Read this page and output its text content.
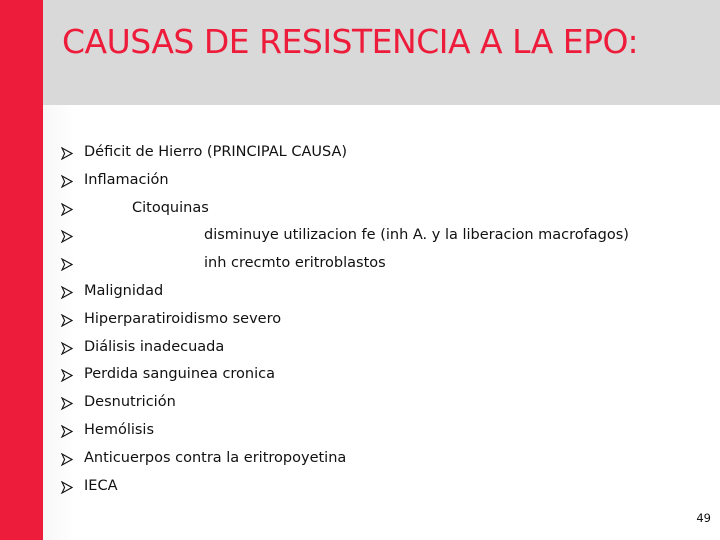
CAUSAS DE RESISTENCIA A LA EPO:
Déficit de Hierro (PRINCIPAL CAUSA)
Inflamación
Citoquinas
disminuye utilizacion fe (inh A. y la liberacion macrofagos)
inh crecmto eritroblastos
Malignidad
Hiperparatiroidismo severo
Diálisis inadecuada
Perdida sanguinea cronica
Desnutrición
Hemólisis
Anticuerpos contra la eritropoyetina
IECA
49
